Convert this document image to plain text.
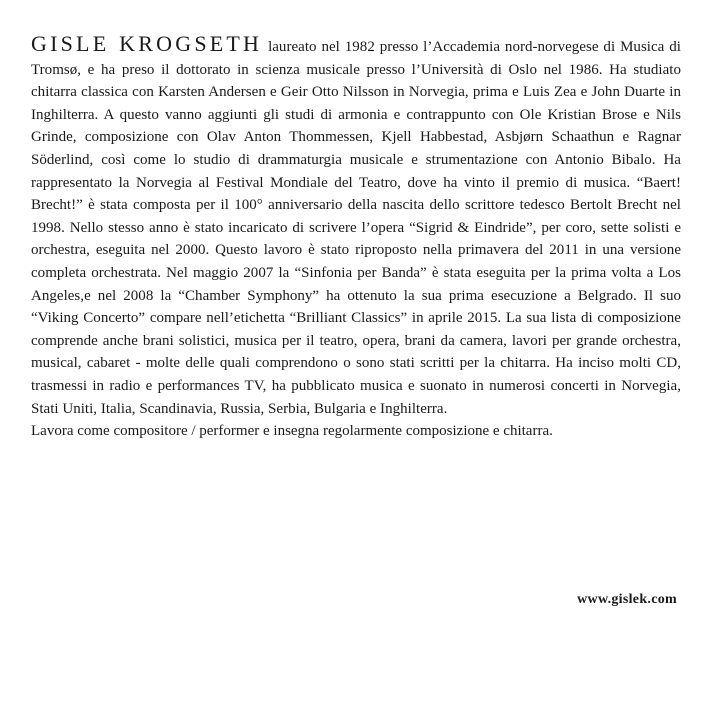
GISLE KROGSETH laureato nel 1982 presso l’Accademia nord-norvegese di Musica di Tromsø, e ha preso il dottorato in scienza musicale presso l’Università di Oslo nel 1986. Ha studiato chitarra classica con Karsten Andersen e Geir Otto Nilsson in Norvegia, prima e Luis Zea e John Duarte in Inghilterra. A questo vanno aggiunti gli studi di armonia e contrappunto con Ole Kristian Brose e Nils Grinde, composizione con Olav Anton Thommessen, Kjell Habbestad, Asbjørn Schaathun e Ragnar Söderlind, così come lo studio di drammaturgia musicale e strumentazione con Antonio Bibalo. Ha rappresentato la Norvegia al Festival Mondiale del Teatro, dove ha vinto il premio di musica. “Baert! Brecht!” è stata composta per il 100° anniversario della nascita dello scrittore tedesco Bertolt Brecht nel 1998. Nello stesso anno è stato incaricato di scrivere l’opera “Sigrid & Eindride”, per coro, sette solisti e orchestra, eseguita nel 2000. Questo lavoro è stato riproposto nella primavera del 2011 in una versione completa orchestrata. Nel maggio 2007 la “Sinfonia per Banda” è stata eseguita per la prima volta a Los Angeles,e nel 2008 la “Chamber Symphony” ha ottenuto la sua prima esecuzione a Belgrado. Il suo “Viking Concerto” compare nell’etichetta “Brilliant Classics” in aprile 2015. La sua lista di composizione comprende anche brani solistici, musica per il teatro, opera, brani da camera, lavori per grande orchestra, musical, cabaret - molte delle quali comprendono o sono stati scritti per la chitarra. Ha inciso molti CD, trasmessi in radio e performances TV, ha pubblicato musica e suonato in numerosi concerti in Norvegia, Stati Uniti, Italia, Scandinavia, Russia, Serbia, Bulgaria e Inghilterra.

Lavora come compositore / performer e insegna regolarmente composizione e chitarra.

www.gislek.com
